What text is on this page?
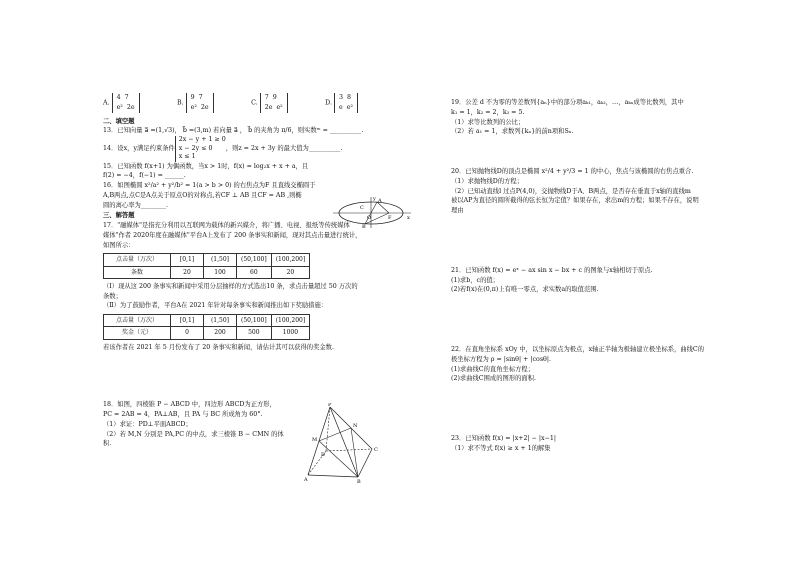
A. 4 7
e² 2e
B. 9 7
e² 2e
C. 7 9
2e e²
D. 3 8
e e²
二、填空题
13．已知向量 a⃗ =(1,√3)， b⃗ =(3,m) 若向量 a⃗ ， b⃗ 的夹角为 π/6，则实数ᵐ = __________.
14．设x，y满足约束条件
2x − y + 1 ≥ 0
x − 2y ≤ 0
x ≤ 1
，则z = 2x + 3y 的最大值为__________.
15．已知函数 f(x+1) 为偶函数，当x > 1时，f(x) = log₂x + x + a，且
f(2) = −4，f(−1) = ______.
16．如图椭圆 x²/a² + y²/b² = 1(a > b > 0) 的右焦点为F 且直线交椭圆于
A,B两点,点C是A点关于原点O的对称点,若CF ⊥ AB 且CF = AB ,则椭
圆的离心率为________.
三、解答题
17．"融媒体"是指充分利用以互联网为载体的新兴媒介，将广播、电视、报纸等传统媒体
媒体"作者 2020年度在融媒体"平台A上发布了 200 条事实和新闻，现对其点击量进行统计，
如图所示：
点击量（万次）	[0,1]	(1,50]	(50,100]	(100,200]
条数	20	100	60	20
（Ⅰ）现从这 200 条事实和新闻中采用分层抽样的方式选出10 条，求点击量超过 50 万次的
条数；
（Ⅱ）为了鼓励作者，平台A在 2021 年针对每条事实和新闻推出如下奖励措施：
点击量（万次）	[0,1]	(1,50]	(50,100]	(100,200]
奖金（元）	0	200	500	1000
若该作者在 2021 年 5 月份发布了 20 条事实和新闻，请估计其可以获得的奖金数.
18．如图，四棱锥 P − ABCD 中，四边形 ABCD为正方形，
PC = 2AB = 4，PA⊥AB，且 PA 与 BC 所成角为 60°.
（1）求证：PD⊥平面ABCD；
（2）若 M,N 分别是 PA,PC 的中点，求三棱锥 B − CMN 的体
积.
A
B
C
F
O	x
y
P
M
N
D
C
A	B
19．公差 d 不为零的等差数列{aₙ}中的部分项aₖ₁，aₖ₂，…，aₖₙ成等比数列，其中
k₁ = 1，k₂ = 2，k₃ = 5.
（1）求等比数列的公比；
（2）若 a₁ = 1，求数列{kₙ}的前n项和Sₙ.
20．已知抛物线D的顶点是椭圆 x²/4 + y²/3 = 1 的中心，焦点与该椭圆的右焦点重合.
（1）求抛物线D的方程；
（2）已知动直线l 过点P(4,0)，交抛物线D于A、B两点，是否存在垂直于x轴的直线m
被以AP为直径的圆所截得的弦长恒为定值？如果存在，求出m的方程；如果不存在，说明
理由
21．已知函数 f(x) = eˣ − ax sin x − bx + c 的图象与x轴相切于原点.
(1)求b，c的值；
(2)若f(x)在(0,π)上有唯一零点，求实数a的取值范围.
22．在直角坐标系 xOy 中，以坐标原点为极点，x轴正半轴为极轴建立极坐标系，曲线C的
极坐标方程为 ρ = |sinθ| + |cosθ|.
(1)求曲线C的直角坐标方程；
(2)求曲线C围成的图形的面积.
23．已知函数 f(x) = |x+2| − |x−1|
（1）求不等式 f(x) ≥ x + 1的解集
